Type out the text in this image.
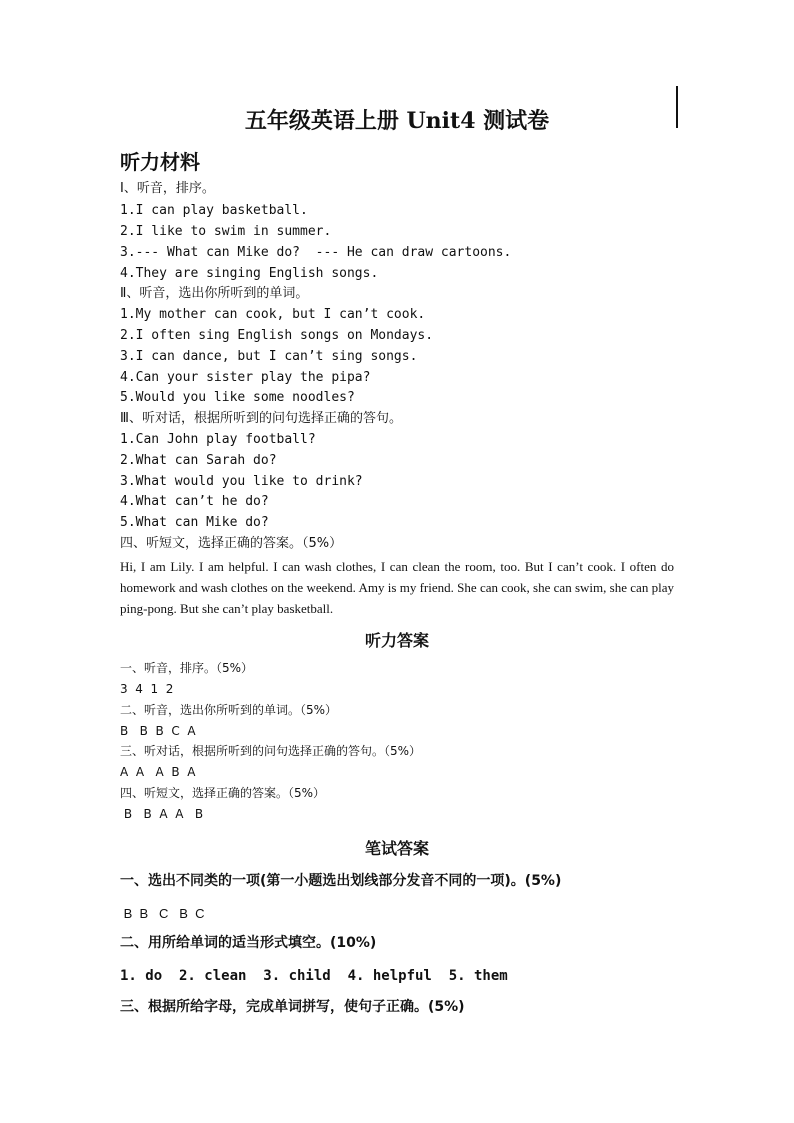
五年级英语上册 Unit4 测试卷
听力材料
Ⅰ、听音，排序。
1.I can play basketball.
2.I like to swim in summer.
3.--- What can Mike do?  --- He can draw cartoons.
4.They are singing English songs.
Ⅱ、听音，选出你所听到的单词。
1.My mother can cook, but I can’t cook.
2.I often sing English songs on Mondays.
3.I can dance, but I can’t sing songs.
4.Can your sister play the pipa?
5.Would you like some noodles?
Ⅲ、听对话，根据所听到的问句选择正确的答句。
1.Can John play football?
2.What can Sarah do?
3.What would you like to drink?
4.What can’t he do?
5.What can Mike do?
四、听短文，选择正确的答案。（5%）
Hi, I am Lily. I am helpful. I can wash clothes, I can clean the room, too. But I can’t cook. I often do homework and wash clothes on the weekend. Amy is my friend. She can cook, she can swim, she can play ping-pong. But she can’t play basketball.
听力答案
一、听音，排序。（5%）
3  4  1  2
二、听音，选出你所听到的单词。（5%）
B   B  B  C  A
三、听对话，根据所听到的问句选择正确的答句。（5%）
A  A   A  B  A
四、听短文，选择正确的答案。（5%）
B   B  A  A   B
笔试答案
一、选出不同类的一项(第一小题选出划线部分发音不同的一项)。(5%)
B  B   C   B  C
二、用所给单词的适当形式填空。(10%)
1. do  2. clean  3. child  4. helpful  5. them
三、根据所给字母，完成单词拼写，使句子正确。(5%)
